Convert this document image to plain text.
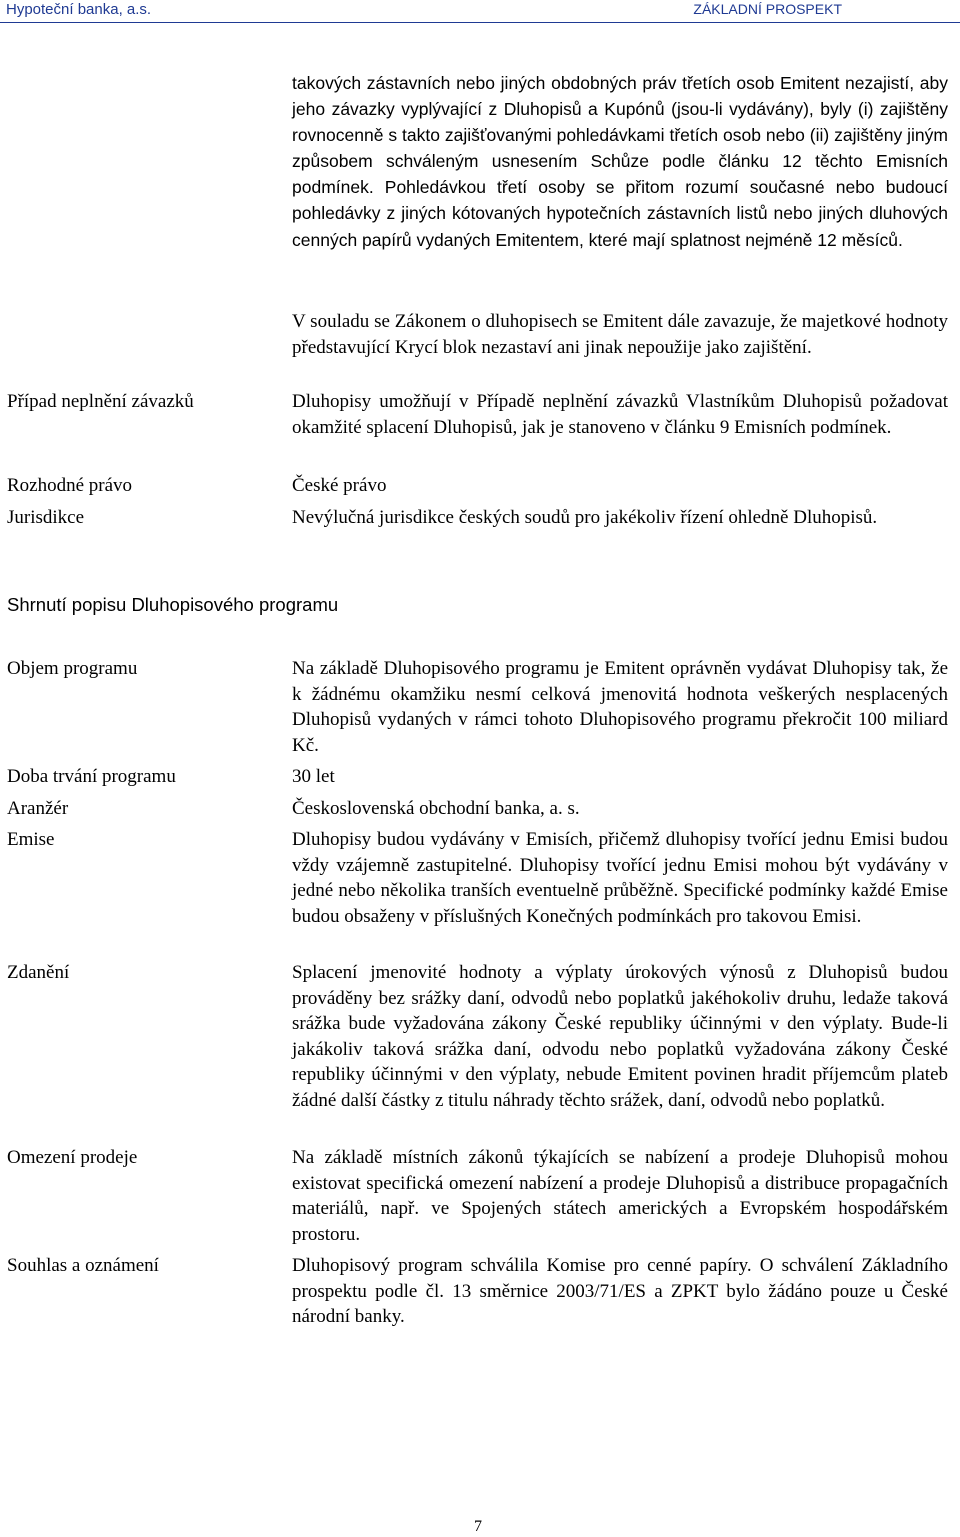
Hypoteční banka, a.s.	ZÁKLADNÍ PROSPEKT
takových zástavních nebo jiných obdobných práv třetích osob Emitent nezajistí, aby jeho závazky vyplývající z Dluhopisů a Kupónů (jsou-li vydávány), byly (i) zajištěny rovnocenně s takto zajišťovanými pohledávkami třetích osob nebo (ii) zajištěny jiným způsobem schváleným usnesením Schůze podle článku 12 těchto Emisních podmínek. Pohledávkou třetí osoby se přitom rozumí současné nebo budoucí pohledávky z jiných kótovaných hypotečních zástavních listů nebo jiných dluhových cenných papírů vydaných Emitentem, které mají splatnost nejméně 12 měsíců.
V souladu se Zákonem o dluhopisech se Emitent dále zavazuje, že majetkové hodnoty představující Krycí blok nezastaví ani jinak nepoužije jako zajištění.
Případ neplnění závazků	Dluhopisy umožňují v Případě neplnění závazků Vlastníkům Dluhopisů požadovat okamžité splacení Dluhopisů, jak je stanoveno v článku 9 Emisních podmínek.
Rozhodné právo	České právo
Jurisdikce	Nevýlučná jurisdikce českých soudů pro jakékoliv řízení ohledně Dluhopisů.
Shrnutí popisu Dluhopisového programu
Objem programu	Na základě Dluhopisového programu je Emitent oprávněn vydávat Dluhopisy tak, že k žádnému okamžiku nesmí celková jmenovitá hodnota veškerých nesplacených Dluhopisů vydaných v rámci tohoto Dluhopisového programu překročit 100 miliard Kč.
Doba trvání programu	30 let
Aranžér	Československá obchodní banka, a. s.
Emise	Dluhopisy budou vydávány v Emisích, přičemž dluhopisy tvořící jednu Emisi budou vždy vzájemně zastupitelné. Dluhopisy tvořící jednu Emisi mohou být vydávány v jedné nebo několika tranších eventuelně průběžně. Specifické podmínky každé Emise budou obsaženy v příslušných Konečných podmínkách pro takovou Emisi.
Zdanění	Splacení jmenovité hodnoty a výplaty úrokových výnosů z Dluhopisů budou prováděny bez srážky daní, odvodů nebo poplatků jakéhokoliv druhu, ledaže taková srážka bude vyžadována zákony České republiky účinnými v den výplaty. Bude-li jakákoliv taková srážka daní, odvodu nebo poplatků vyžadována zákony České republiky účinnými v den výplaty, nebude Emitent povinen hradit příjemcům plateb žádné další částky z titulu náhrady těchto srážek, daní, odvodů nebo poplatků.
Omezení prodeje	Na základě místních zákonů týkajících se nabízení a prodeje Dluhopisů mohou existovat specifická omezení nabízení a prodeje Dluhopisů a distribuce propagačních materiálů, např. ve Spojených státech amerických a Evropském hospodářském prostoru.
Souhlas a oznámení	Dluhopisový program schválila Komise pro cenné papíry. O schválení Základního prospektu podle čl. 13 směrnice 2003/71/ES a ZPKT bylo žádáno pouze u České národní banky.
7
